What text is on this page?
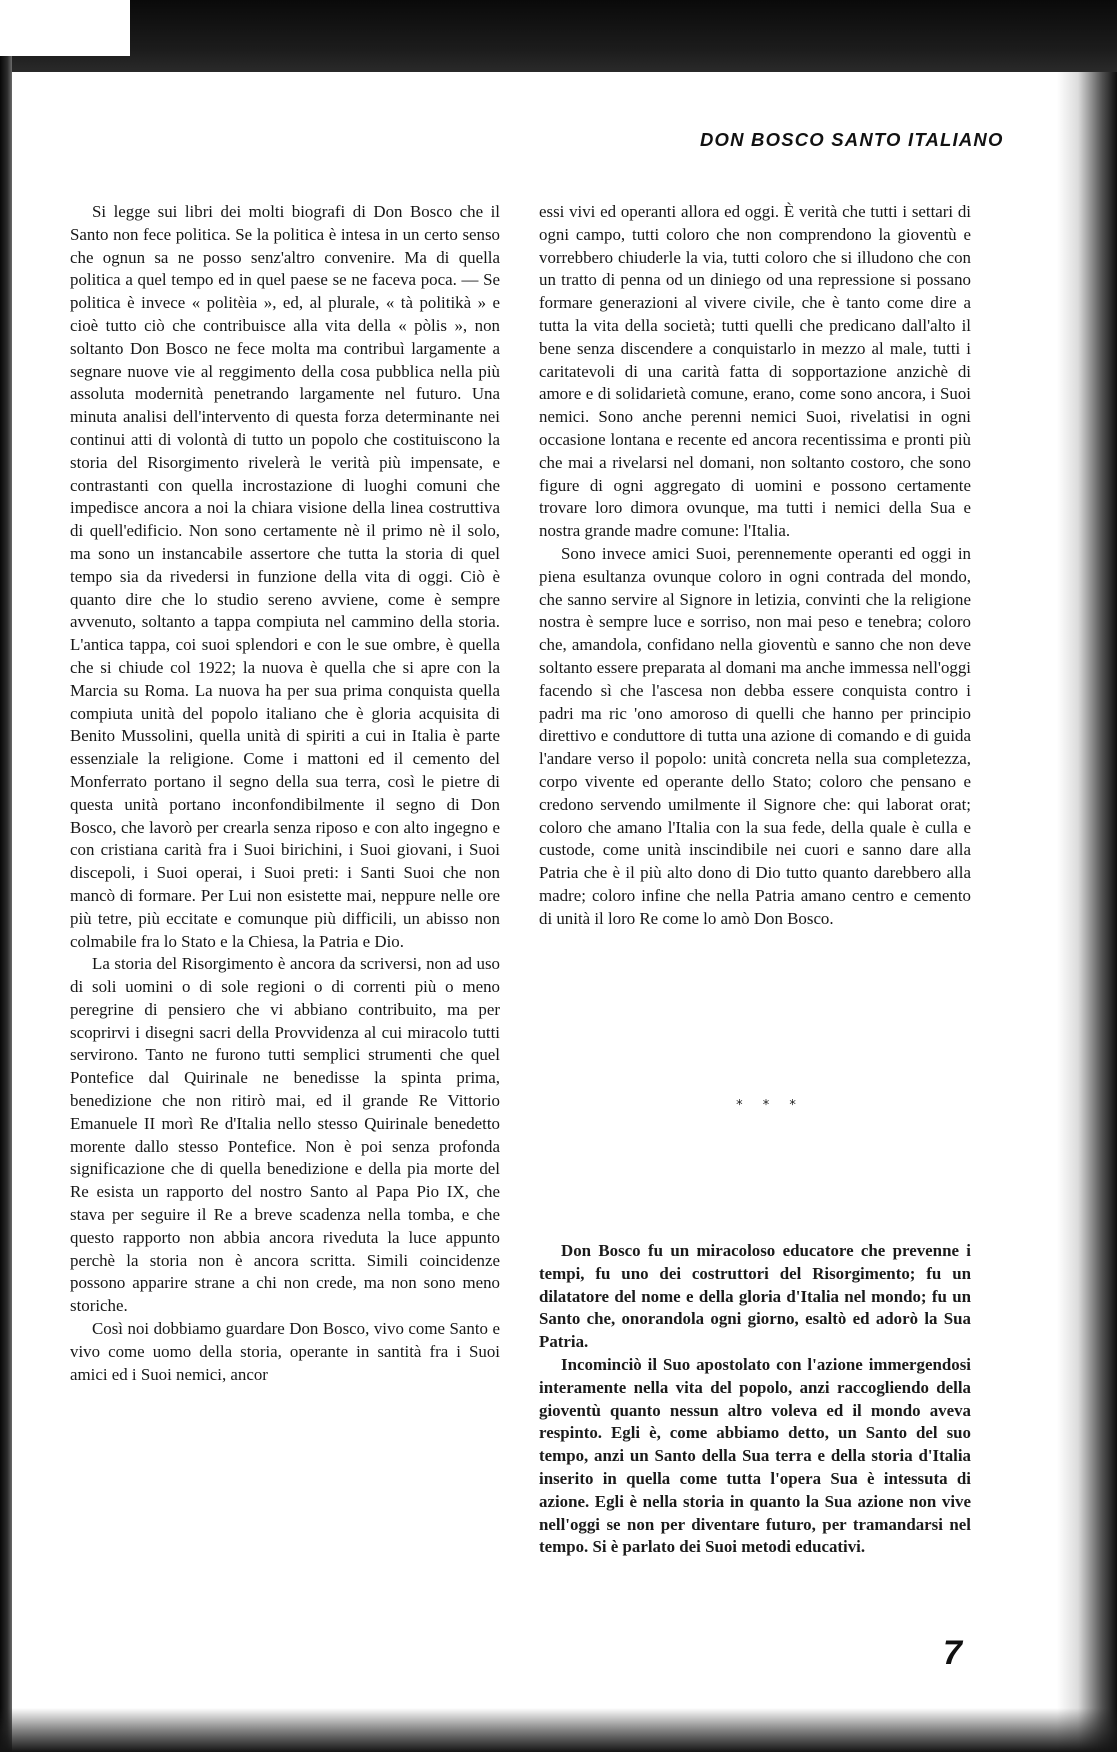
DON BOSCO SANTO ITALIANO

Si legge sui libri dei molti biografi di Don Bosco che il Santo non fece politica. Se la politica è intesa in un certo senso che ognun sa ne posso senz'altro convenire. Ma di quella politica a quel tempo ed in quel paese se ne faceva poca. — Se politica è invece « politèia », ed, al plurale, « tà politikà » e cioè tutto ciò che contribuisce alla vita della « pòlis », non soltanto Don Bosco ne fece molta ma contribuì largamente a segnare nuove vie al reggimento della cosa pubblica nella più assoluta modernità penetrando largamente nel futuro. Una minuta analisi dell'intervento di questa forza determinante nei continui atti di volontà di tutto un popolo che costituiscono la storia del Risorgimento rivelerà le verità più impensate, e contrastanti con quella incrostazione di luoghi comuni che impedisce ancora a noi la chiara visione della linea costruttiva di quell'edificio. Non sono certamente nè il primo nè il solo, ma sono un instancabile assertore che tutta la storia di quel tempo sia da rivedersi in funzione della vita di oggi. Ciò è quanto dire che lo studio sereno avviene, come è sempre avvenuto, soltanto a tappa compiuta nel cammino della storia. L'antica tappa, coi suoi splendori e con le sue ombre, è quella che si chiude col 1922; la nuova è quella che si apre con la Marcia su Roma. La nuova ha per sua prima conquista quella compiuta unità del popolo italiano che è gloria acquisita di Benito Mussolini, quella unità di spiriti a cui in Italia è parte essenziale la religione. Come i mattoni ed il cemento del Monferrato portano il segno della sua terra, così le pietre di questa unità portano inconfondibilmente il segno di Don Bosco, che lavorò per crearla senza riposo e con alto ingegno e con cristiana carità fra i Suoi birichini, i Suoi giovani, i Suoi discepoli, i Suoi operai, i Suoi preti: i Santi Suoi che non mancò di formare. Per Lui non esistette mai, neppure nelle ore più tetre, più eccitate e comunque più difficili, un abisso non colmabile fra lo Stato e la Chiesa, la Patria e Dio.

La storia del Risorgimento è ancora da scriversi, non ad uso di soli uomini o di sole regioni o di correnti più o meno peregrine di pensiero che vi abbiano contribuito, ma per scoprirvi i disegni sacri della Provvidenza al cui miracolo tutti servirono. Tanto ne furono tutti semplici strumenti che quel Pontefice dal Quirinale ne benedisse la spinta prima, benedizione che non ritirò mai, ed il grande Re Vittorio Emanuele II morì Re d'Italia nello stesso Quirinale benedetto morente dallo stesso Pontefice. Non è poi senza profonda significazione che di quella benedizione e della pia morte del Re esista un rapporto del nostro Santo al Papa Pio IX, che stava per seguire il Re a breve scadenza nella tomba, e che questo rapporto non abbia ancora riveduta la luce appunto perchè la storia non è ancora scritta. Simili coincidenze possono apparire strane a chi non crede, ma non sono meno storiche.

Così noi dobbiamo guardare Don Bosco, vivo come Santo e vivo come uomo della storia, operante in santità fra i Suoi amici ed i Suoi nemici, ancor

essi vivi ed operanti allora ed oggi. È verità che tutti i settari di ogni campo, tutti coloro che non comprendono la gioventù e vorrebbero chiuderle la via, tutti coloro che si illudono che con un tratto di penna od un diniego od una repressione si possano formare generazioni al vivere civile, che è tanto come dire a tutta la vita della società; tutti quelli che predicano dall'alto il bene senza discendere a conquistarlo in mezzo al male, tutti i caritatevoli di una carità fatta di sopportazione anzichè di amore e di solidarietà comune, erano, come sono ancora, i Suoi nemici. Sono anche perenni nemici Suoi, rivelatisi in ogni occasione lontana e recente ed ancora recentissima e pronti più che mai a rivelarsi nel domani, non soltanto costoro, che sono figure di ogni aggregato di uomini e possono certamente trovare loro dimora ovunque, ma tutti i nemici della Sua e nostra grande madre comune: l'Italia.

Sono invece amici Suoi, perennemente operanti ed oggi in piena esultanza ovunque coloro in ogni contrada del mondo, che sanno servire al Signore in letizia, convinti che la religione nostra è sempre luce e sorriso, non mai peso e tenebra; coloro che, amandola, confidano nella gioventù e sanno che non deve soltanto essere preparata al domani ma anche immessa nell'oggi facendo sì che l'ascesa non debba essere conquista contro i padri ma ric 'ono amoroso di quelli che hanno per principio direttivo e conduttore di tutta una azione di comando e di guida l'andare verso il popolo: unità concreta nella sua completezza, corpo vivente ed operante dello Stato; coloro che pensano e credono servendo umilmente il Signore che: qui laborat orat; coloro che amano l'Italia con la sua fede, della quale è culla e custode, come unità inscindibile nei cuori e sanno dare alla Patria che è il più alto dono di Dio tutto quanto darebbero alla madre; coloro infine che nella Patria amano centro e cemento di unità il loro Re come lo amò Don Bosco.

* * *

Don Bosco fu un miracoloso educatore che prevenne i tempi, fu uno dei costruttori del Risorgimento; fu un dilatatore del nome e della gloria d'Italia nel mondo; fu un Santo che, onorandola ogni giorno, esaltò ed adorò la Sua Patria.

Incominciò il Suo apostolato con l'azione immergendosi interamente nella vita del popolo, anzi raccogliendo della gioventù quanto nessun altro voleva ed il mondo aveva respinto. Egli è, come abbiamo detto, un Santo del suo tempo, anzi un Santo della Sua terra e della storia d'Italia inserito in quella come tutta l'opera Sua è intessuta di azione. Egli è nella storia in quanto la Sua azione non vive nell'oggi se non per diventare futuro, per tramandarsi nel tempo. Si è parlato dei Suoi metodi educativi.

7
